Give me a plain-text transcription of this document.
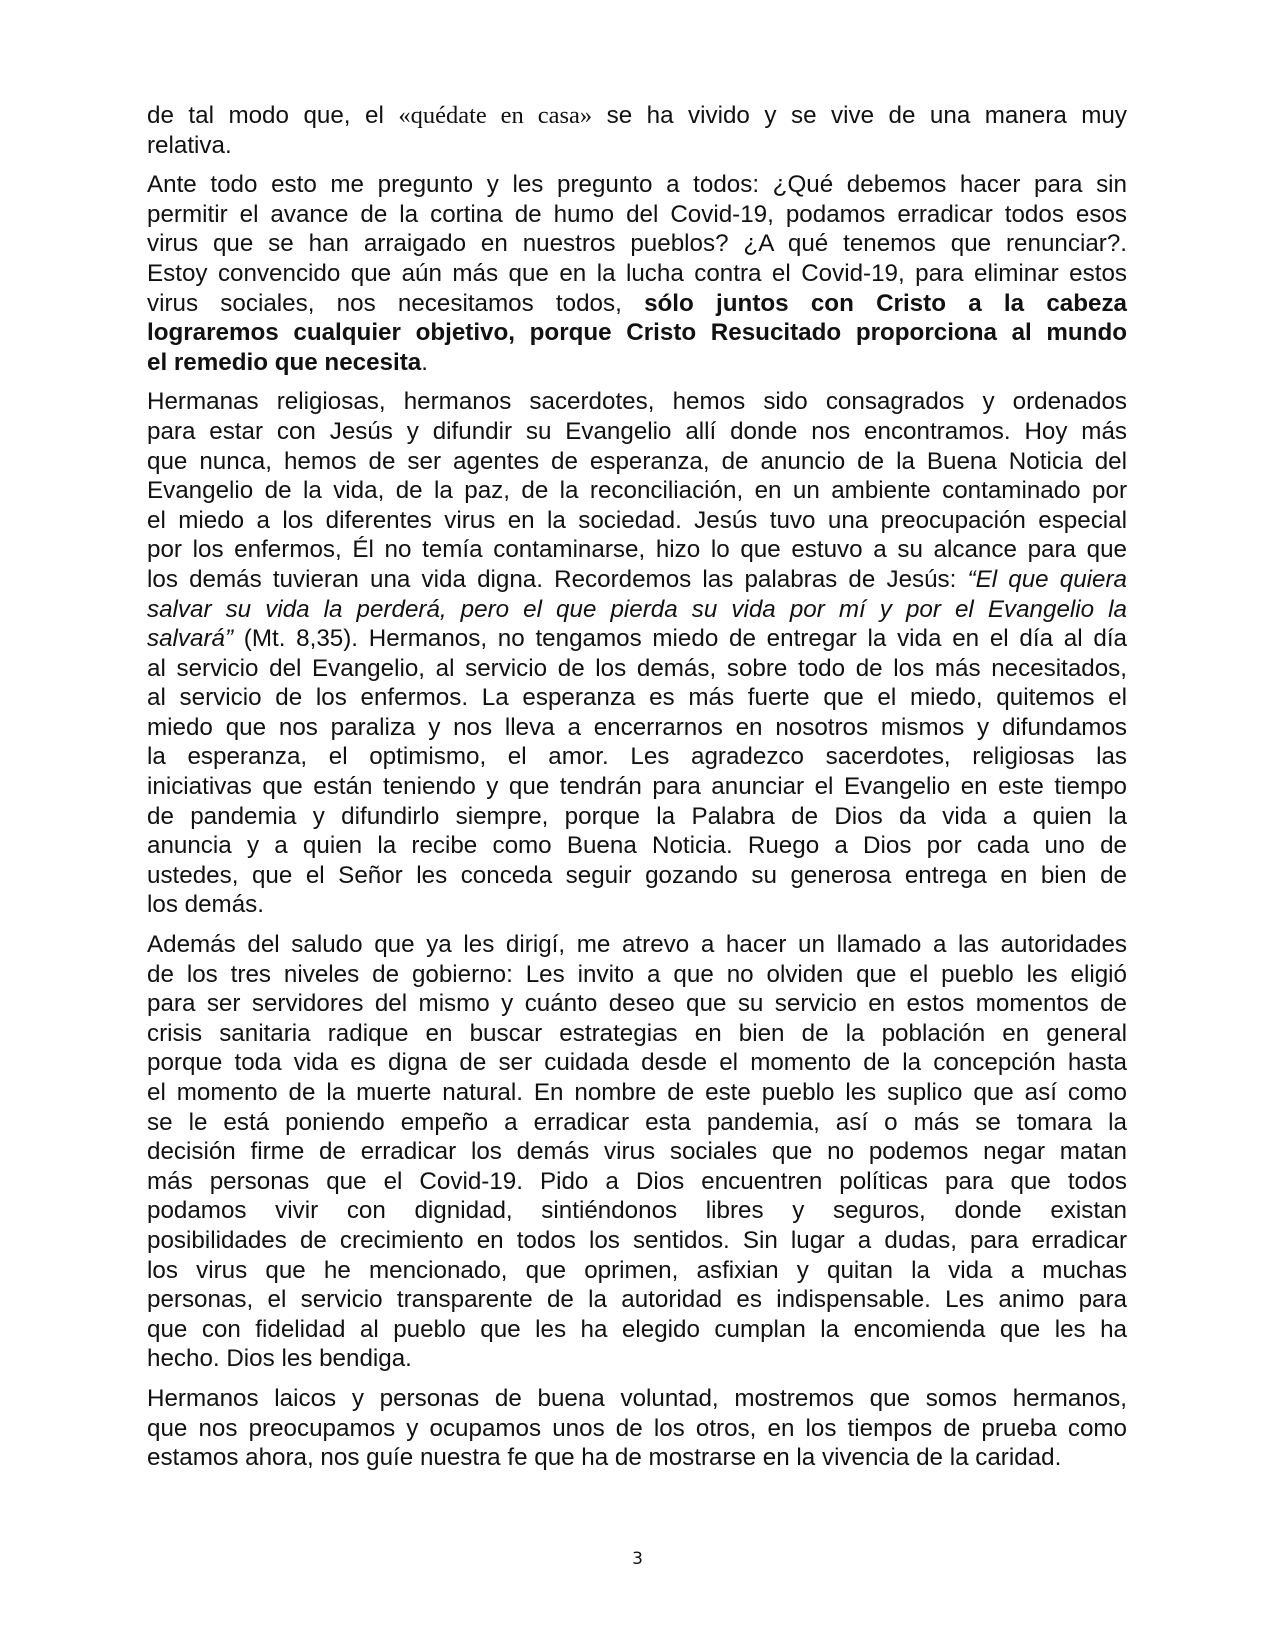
de tal modo que, el «quédate en casa» se ha vivido y se vive de una manera muy
relativa.
Ante todo esto me pregunto y les pregunto a todos: ¿Qué debemos hacer para sin
permitir el avance de la cortina de humo del Covid-19, podamos erradicar todos esos
virus que se han arraigado en nuestros pueblos? ¿A qué tenemos que renunciar?.
Estoy convencido que aún más que en la lucha contra el Covid-19, para eliminar estos
virus sociales, nos necesitamos todos, sólo juntos con Cristo a la cabeza
lograremos cualquier objetivo, porque Cristo Resucitado proporciona al mundo
el remedio que necesita.
Hermanas religiosas, hermanos sacerdotes, hemos sido consagrados y ordenados
para estar con Jesús y difundir su Evangelio allí donde nos encontramos. Hoy más
que nunca, hemos de ser agentes de esperanza, de anuncio de la Buena Noticia del
Evangelio de la vida, de la paz, de la reconciliación, en un ambiente contaminado por
el miedo a los diferentes virus en la sociedad. Jesús tuvo una preocupación especial
por los enfermos, Él no temía contaminarse, hizo lo que estuvo a su alcance para que
los demás tuvieran una vida digna. Recordemos las palabras de Jesús: “El que quiera
salvar su vida la perderá, pero el que pierda su vida por mí y por el Evangelio la
salvará” (Mt. 8,35). Hermanos, no tengamos miedo de entregar la vida en el día al día
al servicio del Evangelio, al servicio de los demás, sobre todo de los más necesitados,
al servicio de los enfermos. La esperanza es más fuerte que el miedo, quitemos el
miedo que nos paraliza y nos lleva a encerrarnos en nosotros mismos y difundamos
la esperanza, el optimismo, el amor. Les agradezco sacerdotes, religiosas las
iniciativas que están teniendo y que tendrán para anunciar el Evangelio en este tiempo
de pandemia y difundirlo siempre, porque la Palabra de Dios da vida a quien la
anuncia y a quien la recibe como Buena Noticia. Ruego a Dios por cada uno de
ustedes, que el Señor les conceda seguir gozando su generosa entrega en bien de
los demás.
Además del saludo que ya les dirigí, me atrevo a hacer un llamado a las autoridades
de los tres niveles de gobierno: Les invito a que no olviden que el pueblo les eligió
para ser servidores del mismo y cuánto deseo que su servicio en estos momentos de
crisis sanitaria radique en buscar estrategias en bien de la población en general
porque toda vida es digna de ser cuidada desde el momento de la concepción hasta
el momento de la muerte natural. En nombre de este pueblo les suplico que así como
se le está poniendo empeño a erradicar esta pandemia, así o más se tomara la
decisión firme de erradicar los demás virus sociales que no podemos negar matan
más personas que el Covid-19. Pido a Dios encuentren políticas para que todos
podamos vivir con dignidad, sintiéndonos libres y seguros, donde existan
posibilidades de crecimiento en todos los sentidos. Sin lugar a dudas, para erradicar
los virus que he mencionado, que oprimen, asfixian y quitan la vida a muchas
personas, el servicio transparente de la autoridad es indispensable. Les animo para
que con fidelidad al pueblo que les ha elegido cumplan la encomienda que les ha
hecho. Dios les bendiga.
Hermanos laicos y personas de buena voluntad, mostremos que somos hermanos,
que nos preocupamos y ocupamos unos de los otros, en los tiempos de prueba como
estamos ahora, nos guíe nuestra fe que ha de mostrarse en la vivencia de la caridad.
3
